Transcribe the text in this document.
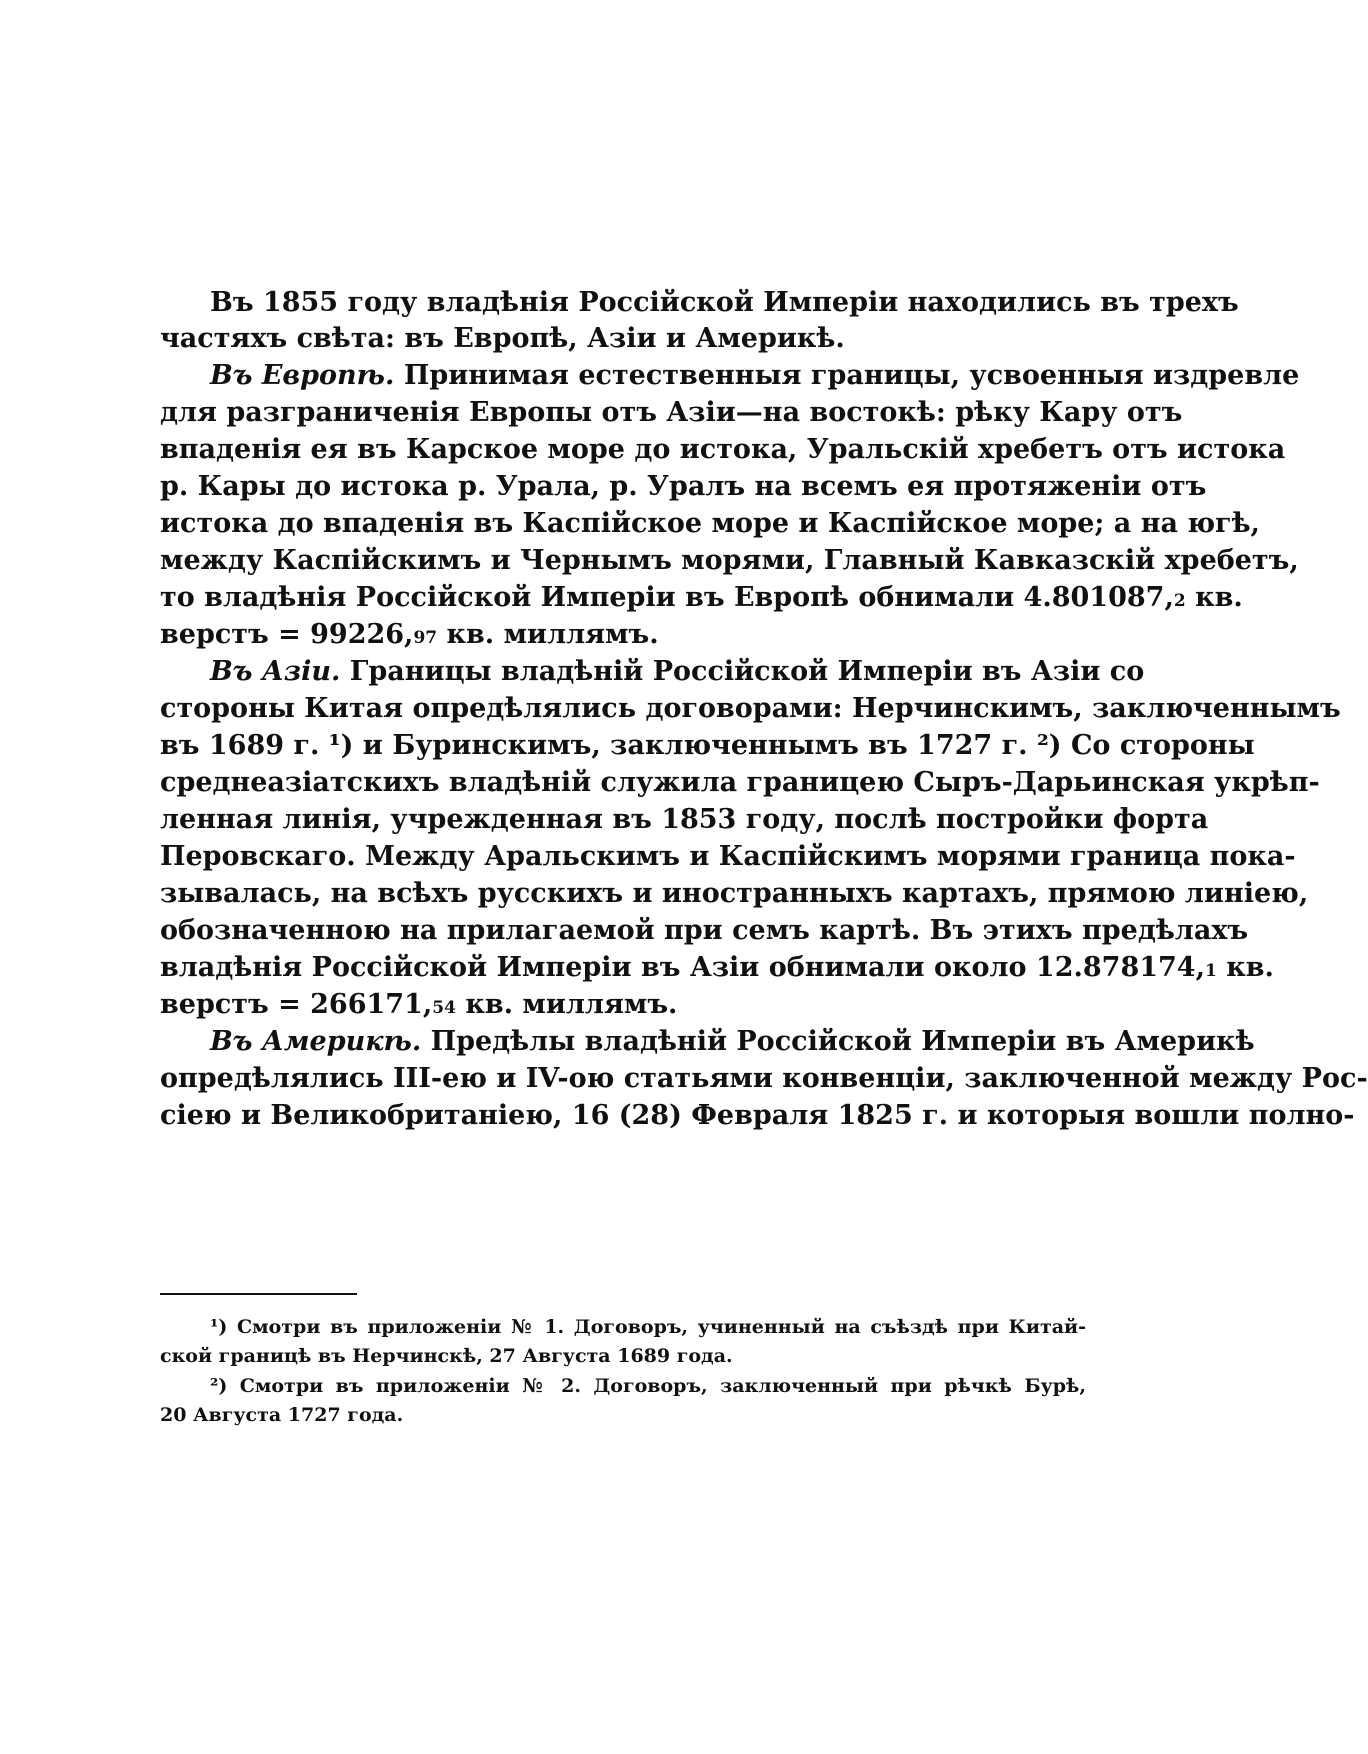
Въ 1855 году владѣнія Россійской Имперіи находились въ трехъ

частяхъ свѣта: въ Европѣ, Азіи и Америкѣ.

Въ Европѣ. Принимая естественныя границы, усвоенныя издревле

для разграниченія Европы отъ Азіи—на востокѣ: рѣку Кару отъ

впаденія ея въ Карское море до истока, Уральскій хребетъ отъ истока

р. Кары до истока р. Урала, р. Уралъ на всемъ ея протяженіи отъ

истока до впаденія въ Каспійское море и Каспійское море; а на югѣ,

между Каспійскимъ и Чернымъ морями, Главный Кавказскій хребетъ,

то владѣнія Россійской Имперіи въ Европѣ обнимали 4.801087,2 кв.

верстъ = 99226,97 кв. миллямъ.

Въ Азіи. Границы владѣній Россійской Имперіи въ Азіи со

стороны Китая опредѣлялись договорами: Нерчинскимъ, заключеннымъ

въ 1689 г. ¹) и Буринскимъ, заключеннымъ въ 1727 г. ²) Со стороны

среднеазіатскихъ владѣній служила границею Сыръ-Дарьинская укрѣп-

ленная линія, учрежденная въ 1853 году, послѣ постройки форта

Перовскаго. Между Аральскимъ и Каспійскимъ морями граница пока-

зывалась, на всѣхъ русскихъ и иностранныхъ картахъ, прямою линіею,

обозначенною на прилагаемой при семъ картѣ. Въ этихъ предѣлахъ

владѣнія Россійской Имперіи въ Азіи обнимали около 12.878174,1 кв.

верстъ = 266171,54 кв. миллямъ.

Въ Америкѣ. Предѣлы владѣній Россійской Имперіи въ Америкѣ

опредѣлялись III-ею и IV-ою статьями конвенціи, заключенной между Рос-

сіею и Великобританіею, 16 (28) Февраля 1825 г. и которыя вошли полно-

¹) Смотри въ приложеніи № 1. Договоръ, учиненный на съѣздѣ при Китай-

ской границѣ въ Нерчинскѣ, 27 Августа 1689 года.

²) Смотри въ приложеніи № 2. Договоръ, заключенный при рѣчкѣ Бурѣ,

20 Августа 1727 года.
